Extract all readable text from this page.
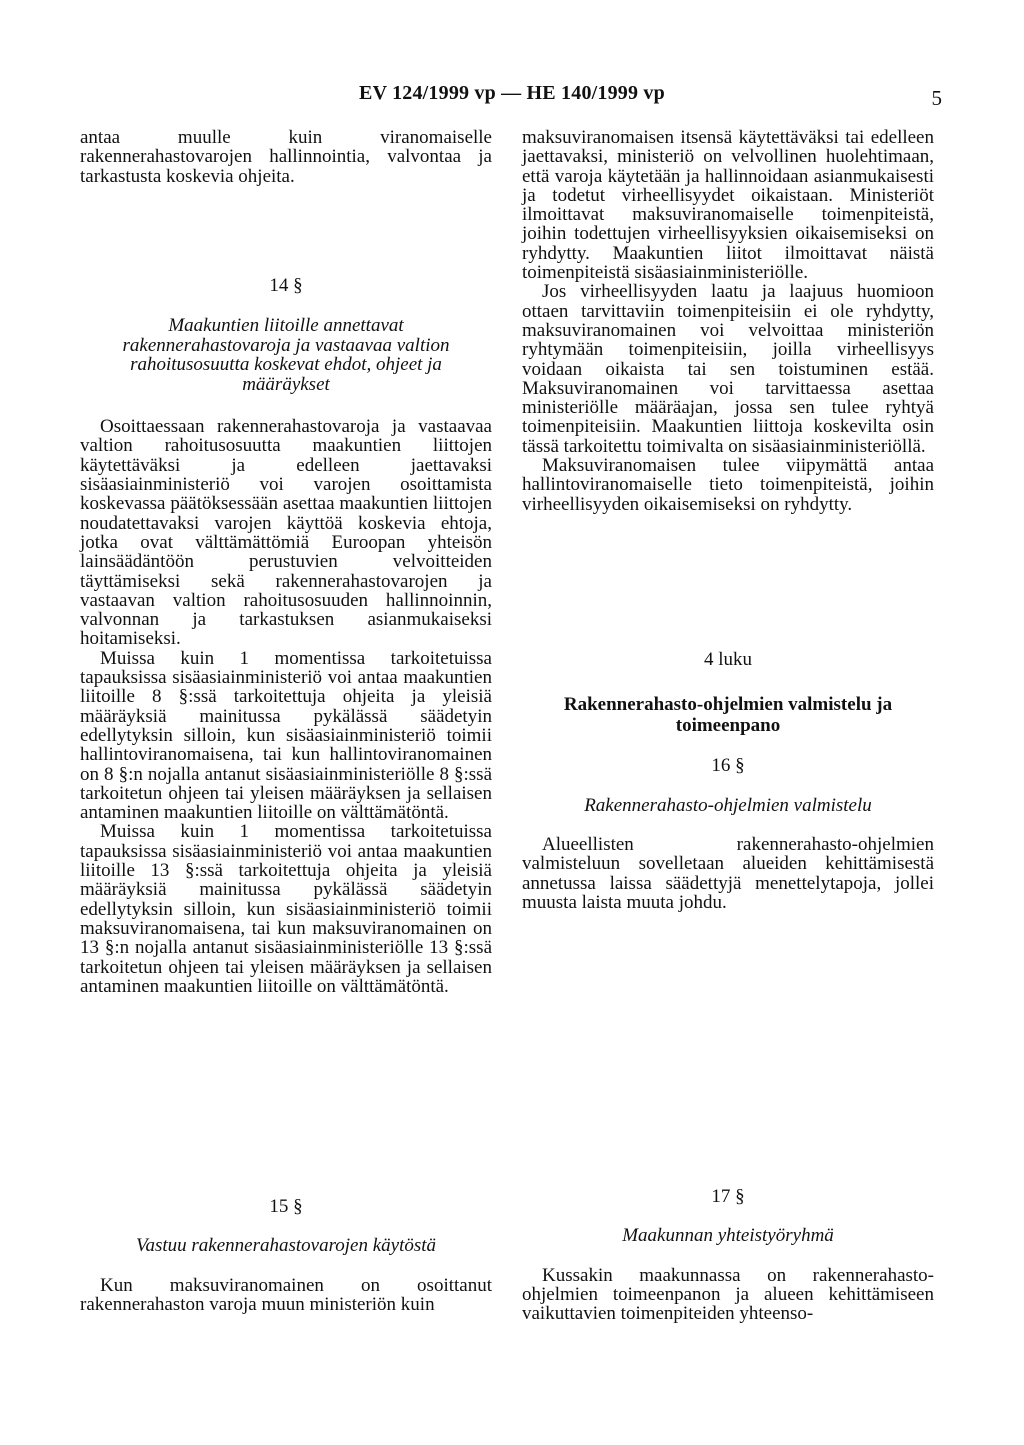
EV 124/1999 vp — HE 140/1999 vp	5

antaa muulle kuin viranomaiselle rakennerahastovarojen hallinnointia, valvontaa ja tarkastusta koskevia ohjeita.

14 §
Maakuntien liitoille annettavat rakennerahastovaroja ja vastaavaa valtion rahoitusosuutta koskevat ehdot, ohjeet ja määräykset

Osoittaessaan rakennerahastovaroja ja vastaavaa valtion rahoitusosuutta maakuntien liittojen käytettäväksi ja edelleen jaettavaksi sisäasiainministeriö voi varojen osoittamista koskevassa päätöksessään asettaa maakuntien liittojen noudatettavaksi varojen käyttöä koskevia ehtoja, jotka ovat välttämättömiä Euroopan yhteisön lainsäädäntöön perustuvien velvoitteiden täyttämiseksi sekä rakennerahastovarojen ja vastaavan valtion rahoitusosuuden hallinnoinnin, valvonnan ja tarkastuksen asianmukaiseksi hoitamiseksi.

Muissa kuin 1 momentissa tarkoitetuissa tapauksissa sisäasiainministeriö voi antaa maakuntien liitoille 8 §:ssä tarkoitettuja ohjeita ja yleisiä määräyksiä mainitussa pykälässä säädetyin edellytyksin silloin, kun sisäasiainministeriö toimii hallintoviranomaisena, tai kun hallintoviranomainen on 8 §:n nojalla antanut sisäasiainministeriölle 8 §:ssä tarkoitetun ohjeen tai yleisen määräyksen ja sellaisen antaminen maakuntien liitoille on välttämätöntä.

Muissa kuin 1 momentissa tarkoitetuissa tapauksissa sisäasiainministeriö voi antaa maakuntien liitoille 13 §:ssä tarkoitettuja ohjeita ja yleisiä määräyksiä mainitussa pykälässä säädetyin edellytyksin silloin, kun sisäasiainministeriö toimii maksuviranomaisena, tai kun maksuviranomainen on 13 §:n nojalla antanut sisäasiainministeriölle 13 §:ssä tarkoitetun ohjeen tai yleisen määräyksen ja sellaisen antaminen maakuntien liitoille on välttämätöntä.

15 §
Vastuu rakennerahastovarojen käytöstä

Kun maksuviranomainen on osoittanut rakennerahaston varoja muun ministeriön kuin

maksuviranomaisen itsensä käytettäväksi tai edelleen jaettavaksi, ministeriö on velvollinen huolehtimaan, että varoja käytetään ja hallinnoidaan asianmukaisesti ja todetut virheellisyydet oikaistaan. Ministeriöt ilmoittavat maksuviranomaiselle toimenpiteistä, joihin todettujen virheellisyyksien oikaisemiseksi on ryhdytty. Maakuntien liitot ilmoittavat näistä toimenpiteistä sisäasiainministeriölle.

Jos virheellisyyden laatu ja laajuus huomioon ottaen tarvittaviin toimenpiteisiin ei ole ryhdytty, maksuviranomainen voi velvoittaa ministeriön ryhtymään toimenpiteisiin, joilla virheellisyys voidaan oikaista tai sen toistuminen estää. Maksuviranomainen voi tarvittaessa asettaa ministeriölle määräajan, jossa sen tulee ryhtyä toimenpiteisiin. Maakuntien liittoja koskevilta osin tässä tarkoitettu toimivalta on sisäasiainministeriöllä.

Maksuviranomaisen tulee viipymättä antaa hallintoviranomaiselle tieto toimenpiteistä, joihin virheellisyyden oikaisemiseksi on ryhdytty.

4 luku
Rakennerahasto-ohjelmien valmistelu ja toimeenpano
16 §
Rakennerahasto-ohjelmien valmistelu

Alueellisten rakennerahasto-ohjelmien valmisteluun sovelletaan alueiden kehittämisestä annetussa laissa säädettyjä menettelytapoja, jollei muusta laista muuta johdu.

17 §
Maakunnan yhteistyöryhmä

Kussakin maakunnassa on rakennerahasto-ohjelmien toimeenpanon ja alueen kehittämiseen vaikuttavien toimenpiteiden yhteenso-
